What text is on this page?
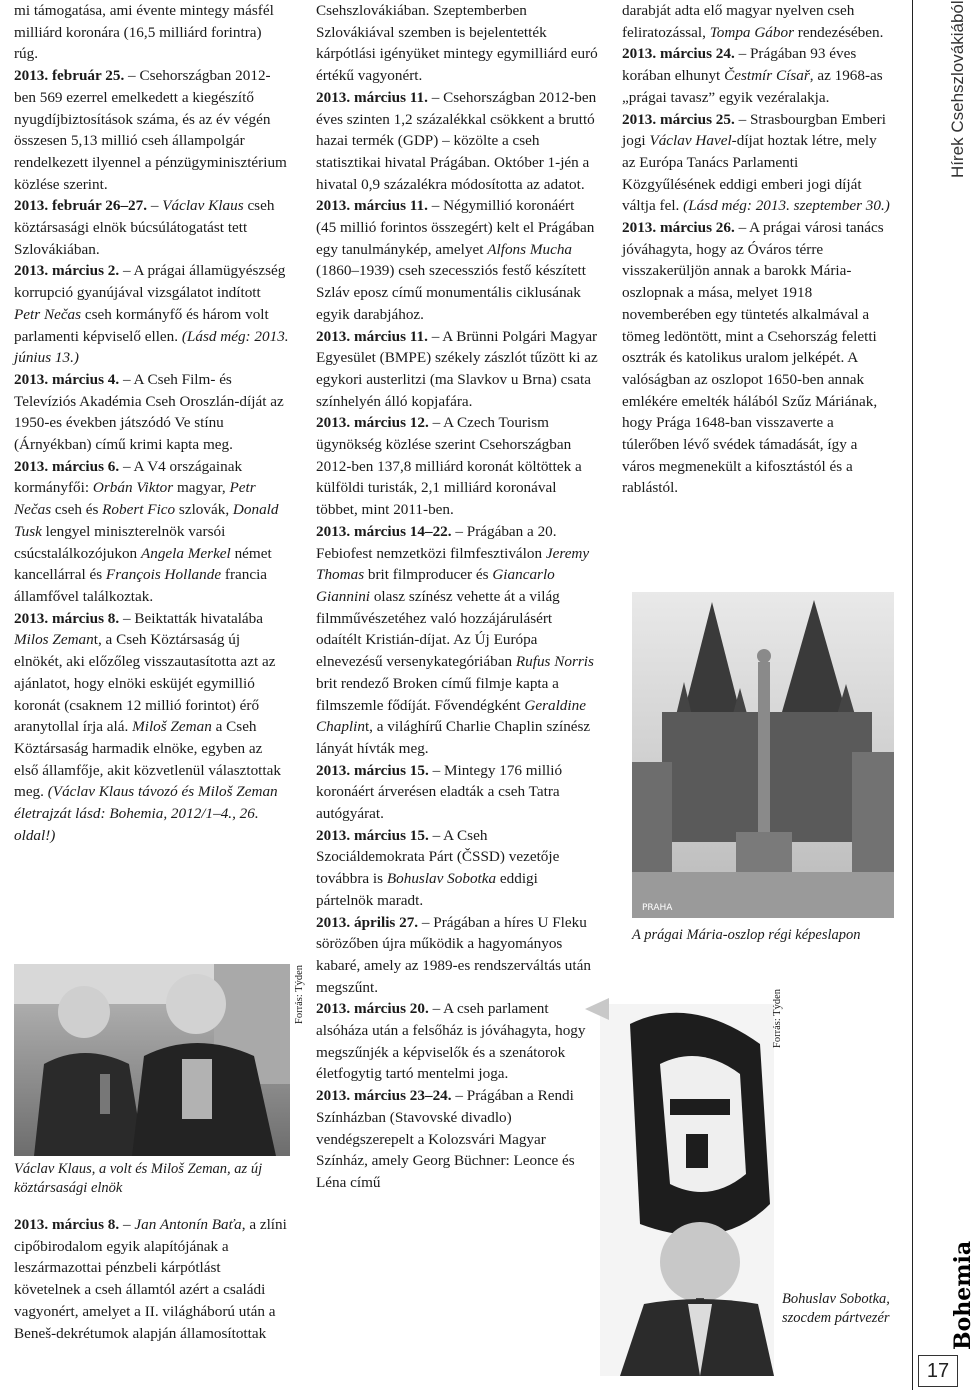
mi támogatása, ami évente mintegy másfél milliárd koronára (16,5 milliárd forintra) rúg.

2013. február 25. – Csehországban 2012-ben 569 ezerrel emelkedett a kiegészítő nyugdíjbiztosítások száma, és az év végén összesen 5,13 millió cseh állampolgár rendelkezett ilyennel a pénzügyminisztérium közlése szerint.

2013. február 26–27. – Václav Klaus cseh köztársasági elnök búcsúlátogatást tett Szlovákiában.

2013. március 2. – A prágai államügyészség korrupció gyanújával vizsgálatot indított Petr Nečas cseh kormányfő és három volt parlamenti képviselő ellen. (Lásd még: 2013. június 13.)

2013. március 4. – A Cseh Film- és Televíziós Akadémia Cseh Oroszlán-díját az 1950-es években játszódó Ve stínu (Árnyékban) című krimi kapta meg.

2013. március 6. – A V4 országainak kormányfői: Orbán Viktor magyar, Petr Nečas cseh és Robert Fico szlovák, Donald Tusk lengyel miniszterelnök varsói csúcstalálkozójukon Angela Merkel német kancellárral és François Hollande francia államfővel találkoztak.

2013. március 8. – Beiktatták hivatalába Milos Zemant, a Cseh Köztársaság új elnökét, aki előzőleg visszautasította azt az ajánlatot, hogy elnöki esküjét egymillió koronát (csaknem 12 millió forintot) érő aranytollal írja alá. Miloš Zeman a Cseh Köztársaság harmadik elnöke, egyben az első államfője, akit közvetlenül választottak meg. (Václav Klaus távozó és Miloš Zeman életrajzát lásd: Bohemia, 2012/1–4., 26. oldal!)

Csehszlovákiában. Szeptemberben Szlovákiával szemben is bejelentették kárpótlási igényüket mintegy egymilliárd euró értékű vagyonért.

2013. március 11. – Csehországban 2012-ben éves szinten 1,2 százalékkal csökkent a bruttó hazai termék (GDP) – közölte a cseh statisztikai hivatal Prágában. Október 1-jén a hivatal 0,9 százalékra módosította az adatot.

2013. március 11. – Négymillió koronáért (45 millió forintos összegért) kelt el Prágában egy tanulmánykép, amelyet Alfons Mucha (1860–1939) cseh szecessziós festő készített Szláv eposz című monumentális ciklusának egyik darabjához.

2013. március 11. – A Brünni Polgári Magyar Egyesület (BMPE) székely zászlót tűzött ki az egykori austerlitzi (ma Slavkov u Brna) csata színhelyén álló kopjafára.

2013. március 12. – A Czech Tourism ügynökség közlése szerint Csehországban 2012-ben 137,8 milliárd koronát költöttek a külföldi turisták, 2,1 milliárd koronával többet, mint 2011-ben.

2013. március 14–22. – Prágában a 20. Febiofest nemzetközi filmfesztiválon Jeremy Thomas brit filmproducer és Giancarlo Giannini olasz színész vehette át a világ filmművészetéhez való hozzájárulásért odaítélt Kristián-díjat. Az Új Európa elnevezésű versenykategóriában Rufus Norris brit rendező Broken című filmje kapta a filmszemle fődíját. Fővendégként Geraldine Chaplint, a világhírű Charlie Chaplin színész lányát hívták meg.

2013. március 15. – Mintegy 176 millió koronáért árverésen eladták a cseh Tatra autógyárat.

2013. március 15. – A Cseh Szociáldemokrata Párt (ČSSD) vezetője továbbra is Bohuslav Sobotka eddigi pártelnök maradt.

2013. április 27. – Prágában a híres U Fleku sörözőben újra működik a hagyományos kabaré, amely az 1989-es rendszerváltás után megszűnt.

2013. március 20. – A cseh parlament alsóháza után a felsőház is jóváhagyta, hogy megszűnjék a képviselők és a szenátorok életfogytig tartó mentelmi joga.

2013. március 23–24. – Prágában a Rendi Színházban (Stavovské divadlo) vendégszerepelt a Kolozsvári Magyar Színház, amely Georg Büchner: Leonce és Léna című

darabját adta elő magyar nyelven cseh feliratozással, Tompa Gábor rendezésében.

2013. március 24. – Prágában 93 éves korában elhunyt Čestmír Císař, az 1968-as „prágai tavasz” egyik vezéralakja.

2013. március 25. – Strasbourgban Emberi jogi Václav Havel-díjat hoztak létre, mely az Európa Tanács Parlamenti Közgyűlésének eddigi emberi jogi díját váltja fel. (Lásd még: 2013. szeptember 30.)

2013. március 26. – A prágai városi tanács jóváhagyta, hogy az Óváros térre visszakerüljön annak a barokk Mária-oszlopnak a mása, melyet 1918 novemberében egy tüntetés alkalmával a tömeg ledöntött, mint a Csehország feletti osztrák és katolikus uralom jelképét. A valóságban az oszlopot 1650-ben annak emlékére emelték hálából Szűz Máriának, hogy Prága 1648-ban visszaverte a túlerőben lévő svédek támadását, így a város megmenekült a kifosztástól és a rablástól.

Václav Klaus, a volt és Miloš Zeman, az új köztársasági elnök
Forrás: Týden
PRAHA
A prágai Mária-oszlop régi képeslapon
Forrás: Týden
Bohuslav Sobotka, szocdem pártvezér
Hírek Csehszlovákiából
Bohemia
17

2013. március 8. – Jan Antonín Baťa, a zlíni cipőbirodalom egyik alapítójának a leszármazottai pénzbeli kárpótlást követelnek a cseh államtól azért a családi vagyonért, amelyet a II. világháború után a Beneš-dekrétumok alapján államosítottak
